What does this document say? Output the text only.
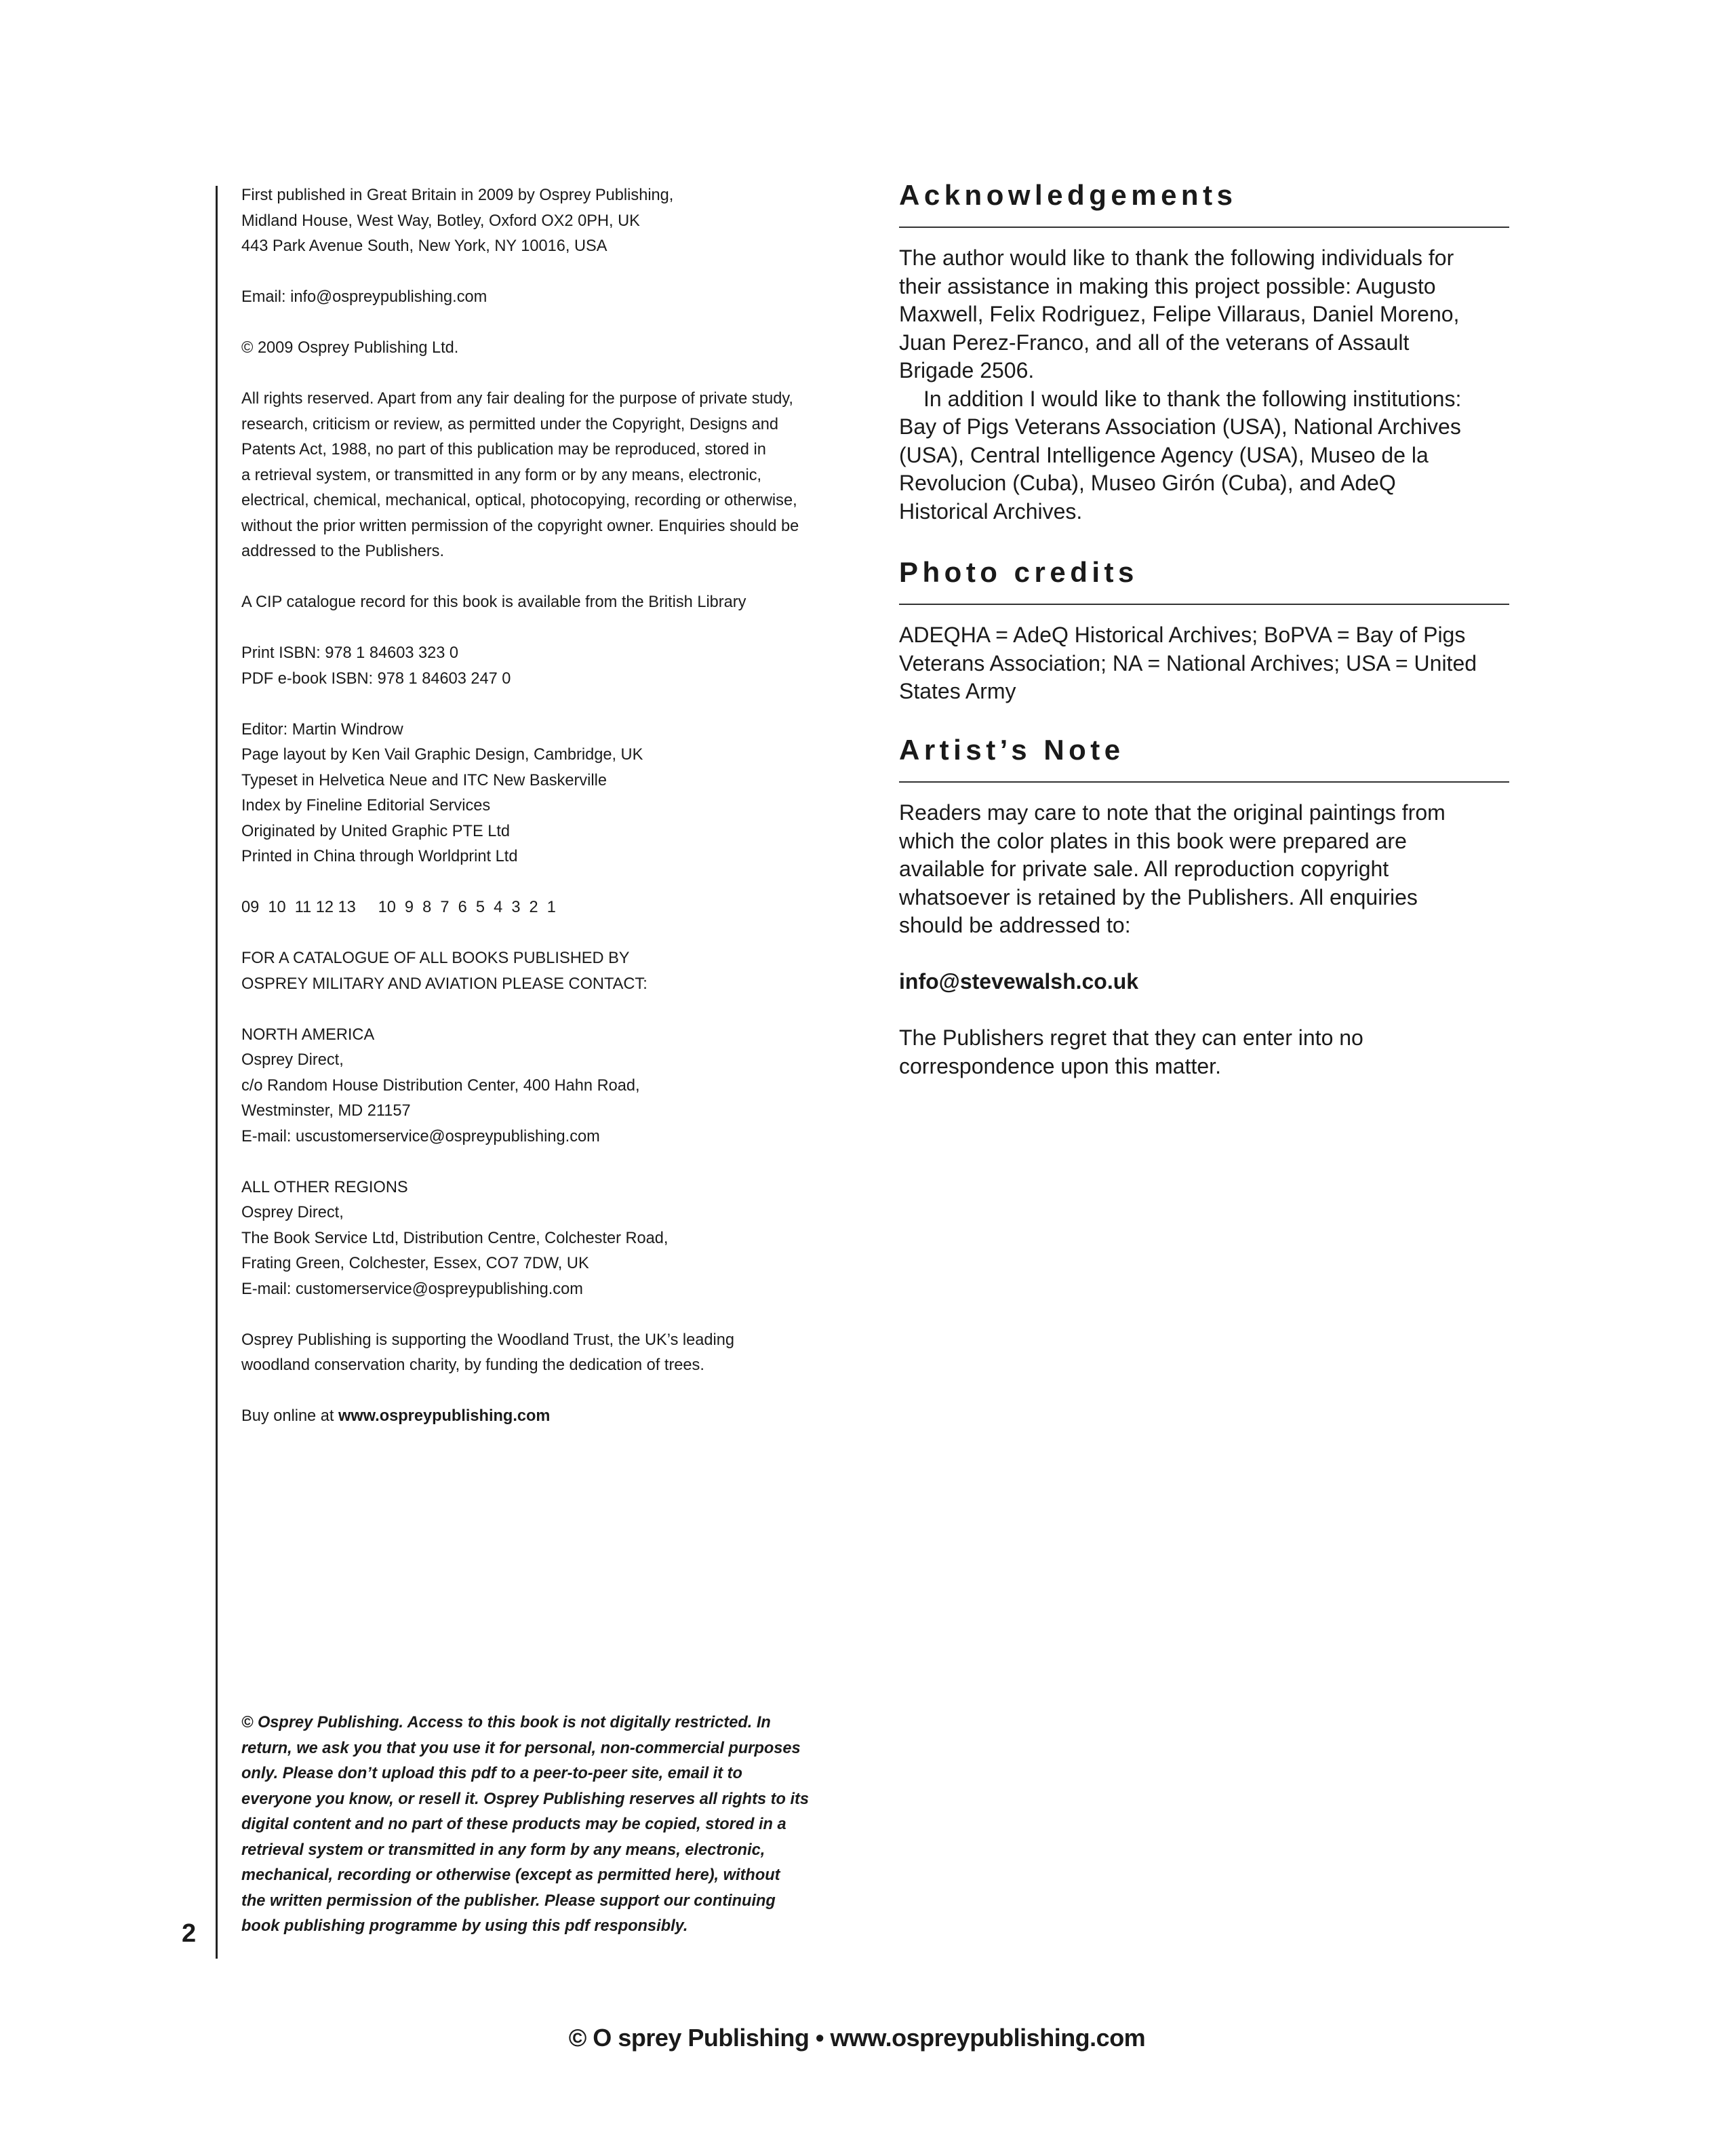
2

First published in Great Britain in 2009 by Osprey Publishing,
Midland House, West Way, Botley, Oxford OX2 0PH, UK
443 Park Avenue South, New York, NY 10016, USA

Email: info@ospreypublishing.com

© 2009 Osprey Publishing Ltd.

All rights reserved. Apart from any fair dealing for the purpose of private study,
research, criticism or review, as permitted under the Copyright, Designs and
Patents Act, 1988, no part of this publication may be reproduced, stored in
a retrieval system, or transmitted in any form or by any means, electronic,
electrical, chemical, mechanical, optical, photocopying, recording or otherwise,
without the prior written permission of the copyright owner. Enquiries should be
addressed to the Publishers.

A CIP catalogue record for this book is available from the British Library

Print ISBN: 978 1 84603 323 0
PDF e-book ISBN: 978 1 84603 247 0

Editor: Martin Windrow
Page layout by Ken Vail Graphic Design, Cambridge, UK
Typeset in Helvetica Neue and ITC New Baskerville
Index by Fineline Editorial Services
Originated by United Graphic PTE Ltd
Printed in China through Worldprint Ltd

09  10  11 12 13     10  9  8  7  6  5  4  3  2  1

FOR A CATALOGUE OF ALL BOOKS PUBLISHED BY
OSPREY MILITARY AND AVIATION PLEASE CONTACT:

NORTH AMERICA
Osprey Direct,
c/o Random House Distribution Center, 400 Hahn Road,
Westminster, MD 21157
E-mail: uscustomerservice@ospreypublishing.com

ALL OTHER REGIONS
Osprey Direct,
The Book Service Ltd, Distribution Centre, Colchester Road,
Frating Green, Colchester, Essex, CO7 7DW, UK
E-mail: customerservice@ospreypublishing.com

Osprey Publishing is supporting the Woodland Trust, the UK’s leading
woodland conservation charity, by funding the dedication of trees.

Buy online at www.ospreypublishing.com

© Osprey Publishing. Access to this book is not digitally restricted. In
return, we ask you that you use it for personal, non-commercial purposes
only. Please don’t upload this pdf to a peer-to-peer site, email it to
everyone you know, or resell it. Osprey Publishing reserves all rights to its
digital content and no part of these products may be copied, stored in a
retrieval system or transmitted in any form by any means, electronic,
mechanical, recording or otherwise (except as permitted here), without
the written permission of the publisher. Please support our continuing
book publishing programme by using this pdf responsibly.
Acknowledgements
The author would like to thank the following individuals for
their assistance in making this project possible: Augusto
Maxwell, Felix Rodriguez, Felipe Villaraus, Daniel Moreno,
Juan Perez-Franco, and all of the veterans of Assault
Brigade 2506.
In addition I would like to thank the following institutions:
Bay of Pigs Veterans Association (USA), National Archives
(USA), Central Intelligence Agency (USA), Museo de la
Revolucion (Cuba), Museo Girón (Cuba), and AdeQ
Historical Archives.
Photo credits
ADEQHA = AdeQ Historical Archives; BoPVA = Bay of Pigs
Veterans Association; NA = National Archives; USA = United
States Army
Artist’s Note
Readers may care to note that the original paintings from
which the color plates in this book were prepared are
available for private sale. All reproduction copyright
whatsoever is retained by the Publishers. All enquiries
should be addressed to:
info@stevewalsh.co.uk
The Publishers regret that they can enter into no
correspondence upon this matter.
© O sprey Publishing • www.ospreypublishing.com
